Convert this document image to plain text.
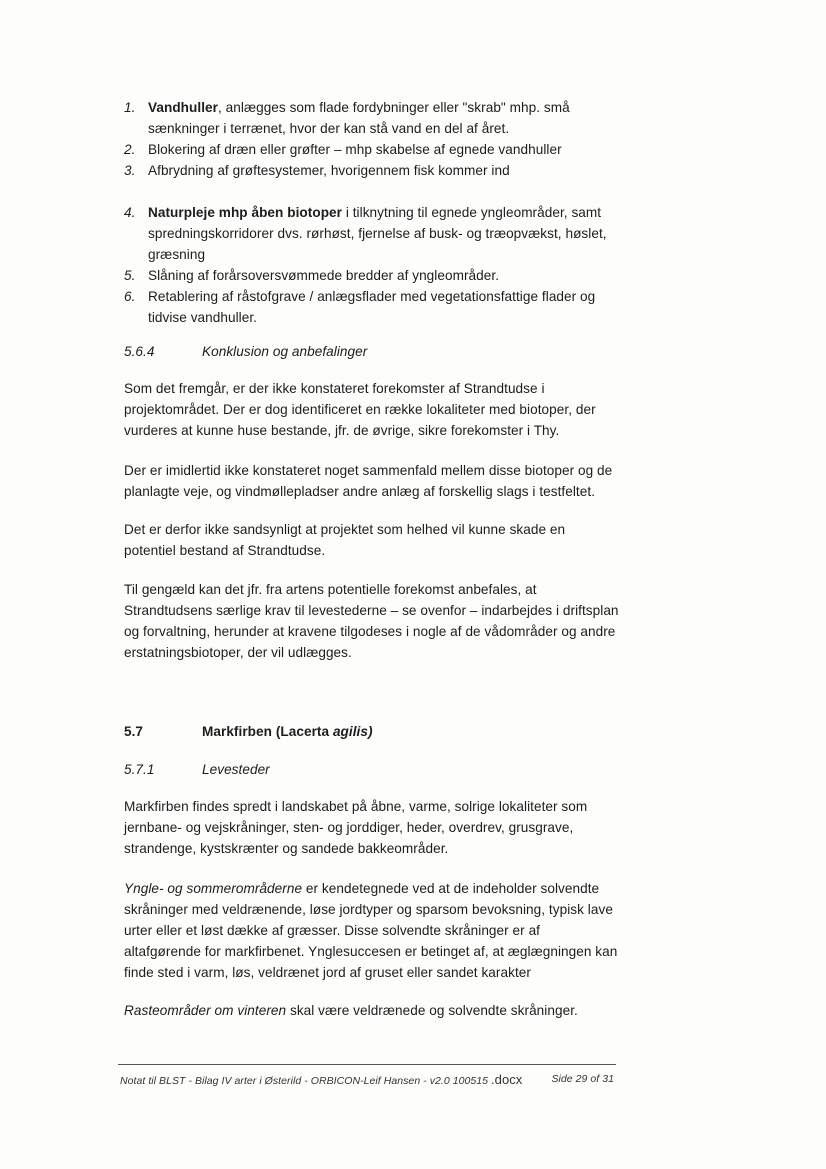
1. Vandhuller, anlægges som flade fordybninger eller "skrab" mhp. små sænkninger i terrænet, hvor der kan stå vand en del af året.
2. Blokering af dræn eller grøfter – mhp skabelse af egnede vandhuller
3. Afbrydning af grøftesystemer, hvorigennem fisk kommer ind
4. Naturpleje mhp åben biotoper i tilknytning til egnede yngleområder, samt spredningskorridorer dvs. rørhøst, fjernelse af busk- og træopvækst, høslet, græsning
5. Slåning af forårsoversvømmede bredder af yngleområder.
6. Retablering af råstofgrave / anlægsflader med vegetationsfattige flader og tidvise vandhuller.
5.6.4	Konklusion og anbefalinger

Som det fremgår, er der ikke konstateret forekomster af Strandtudse i projektområdet. Der er dog identificeret en række lokaliteter med biotoper, der vurderes at kunne huse bestande, jfr. de øvrige, sikre forekomster i Thy.

Der er imidlertid ikke konstateret noget sammenfald mellem disse biotoper og de planlagte veje, og vindmøllepladser andre anlæg af forskellig slags i testfeltet.

Det er derfor ikke sandsynligt at projektet som helhed vil kunne skade en potentiel bestand af Strandtudse.

Til gengæld kan det jfr. fra artens potentielle forekomst anbefales, at Strandtudsens særlige krav til levestederne – se ovenfor – indarbejdes i driftsplan og forvaltning, herunder at kravene tilgodeses i nogle af de vådområder og andre erstatningsbiotoper, der vil udlægges.

5.7	Markfirben (Lacerta agilis)
5.7.1	Levesteder

Markfirben findes spredt i landskabet på åbne, varme, solrige lokaliteter som jernbane- og vejskråninger, sten- og jorddiger, heder, overdrev, grusgrave, strandenge, kystskrænter og sandede bakkeområder.

Yngle- og sommerområderne er kendetegnede ved at de indeholder solvendte skråninger med veldrænende, løse jordtyper og sparsom bevoksning, typisk lave urter eller et løst dække af græsser. Disse solvendte skråninger er af altafgørende for markfirbenet. Ynglesuccesen er betinget af, at æglægningen kan finde sted i varm, løs, veldrænet jord af gruset eller sandet karakter

Rasteområder om vinteren skal være veldrænede og solvendte skråninger.

Notat til BLST - Bilag IV arter i Østerild - ORBICON-Leif Hansen - v2.0 100515 .docx	Side 29 of 31
